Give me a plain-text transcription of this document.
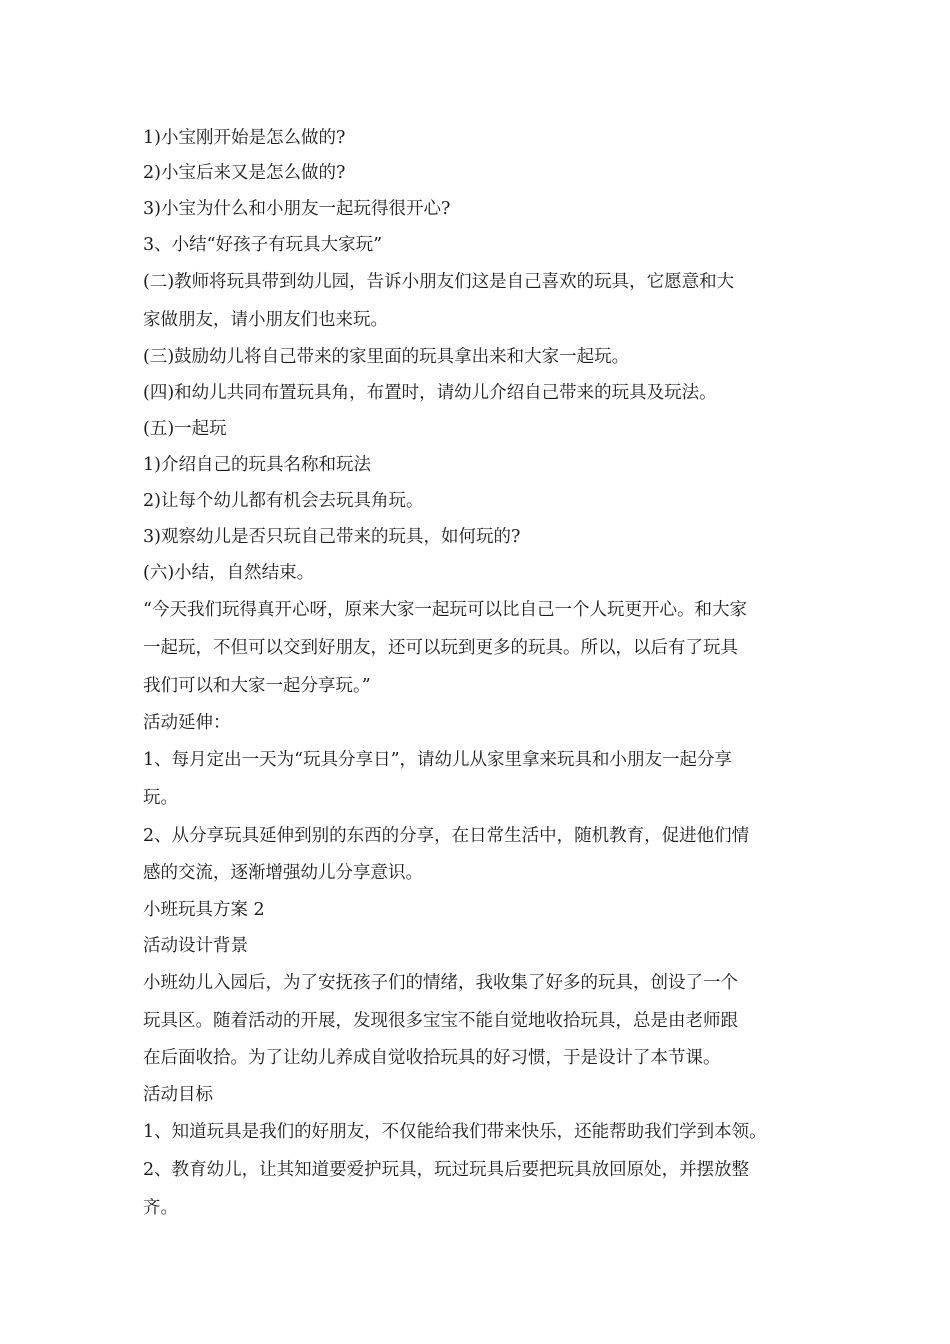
1)小宝刚开始是怎么做的?
2)小宝后来又是怎么做的?
3)小宝为什么和小朋友一起玩得很开心?
3、小结“好孩子有玩具大家玩”
(二)教师将玩具带到幼儿园，告诉小朋友们这是自己喜欢的玩具，它愿意和大
家做朋友，请小朋友们也来玩。
(三)鼓励幼儿将自己带来的家里面的玩具拿出来和大家一起玩。
(四)和幼儿共同布置玩具角，布置时，请幼儿介绍自己带来的玩具及玩法。
(五)一起玩
1)介绍自己的玩具名称和玩法
2)让每个幼儿都有机会去玩具角玩。
3)观察幼儿是否只玩自己带来的玩具，如何玩的?
(六)小结，自然结束。
“今天我们玩得真开心呀，原来大家一起玩可以比自己一个人玩更开心。和大家
一起玩，不但可以交到好朋友，还可以玩到更多的玩具。所以，以后有了玩具
我们可以和大家一起分享玩。”
活动延伸：
1、每月定出一天为“玩具分享日”，请幼儿从家里拿来玩具和小朋友一起分享
玩。
2、从分享玩具延伸到别的东西的分享，在日常生活中，随机教育，促进他们情
感的交流，逐渐增强幼儿分享意识。
小班玩具方案 2
活动设计背景
小班幼儿入园后，为了安抚孩子们的情绪，我收集了好多的玩具，创设了一个
玩具区。随着活动的开展，发现很多宝宝不能自觉地收拾玩具，总是由老师跟
在后面收拾。为了让幼儿养成自觉收拾玩具的好习惯，于是设计了本节课。
活动目标
1、知道玩具是我们的好朋友，不仅能给我们带来快乐，还能帮助我们学到本领。
2、教育幼儿，让其知道要爱护玩具，玩过玩具后要把玩具放回原处，并摆放整
齐。
